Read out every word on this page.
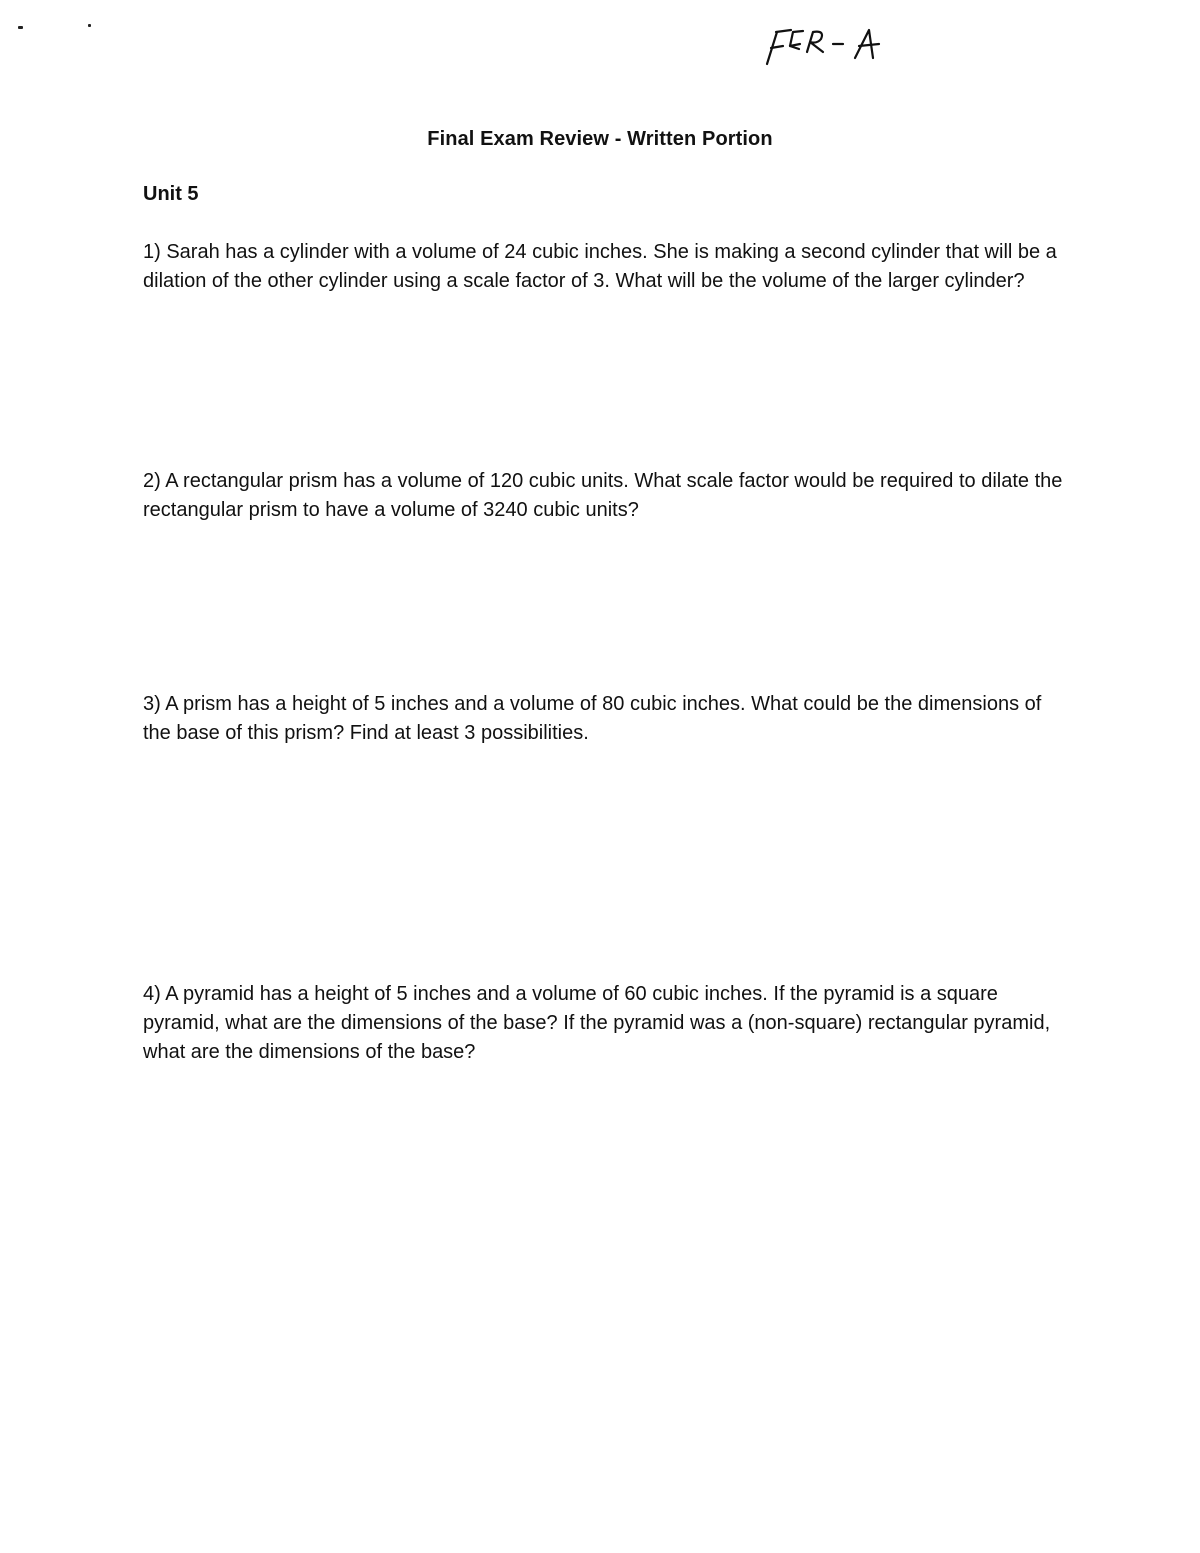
Final Exam Review - Written Portion
Unit 5
1) Sarah has a cylinder with a volume of 24 cubic inches. She is making a second cylinder that will be a dilation of the other cylinder using a scale factor of 3. What will be the volume of the larger cylinder?
2) A rectangular prism has a volume of 120 cubic units. What scale factor would be required to dilate the rectangular prism to have a volume of 3240 cubic units?
3) A prism has a height of 5 inches and a volume of 80 cubic inches. What could be the dimensions of the base of this prism? Find at least 3 possibilities.
4) A pyramid has a height of 5 inches and a volume of 60 cubic inches. If the pyramid is a square pyramid, what are the dimensions of the base? If the pyramid was a (non-square) rectangular pyramid, what are the dimensions of the base?
